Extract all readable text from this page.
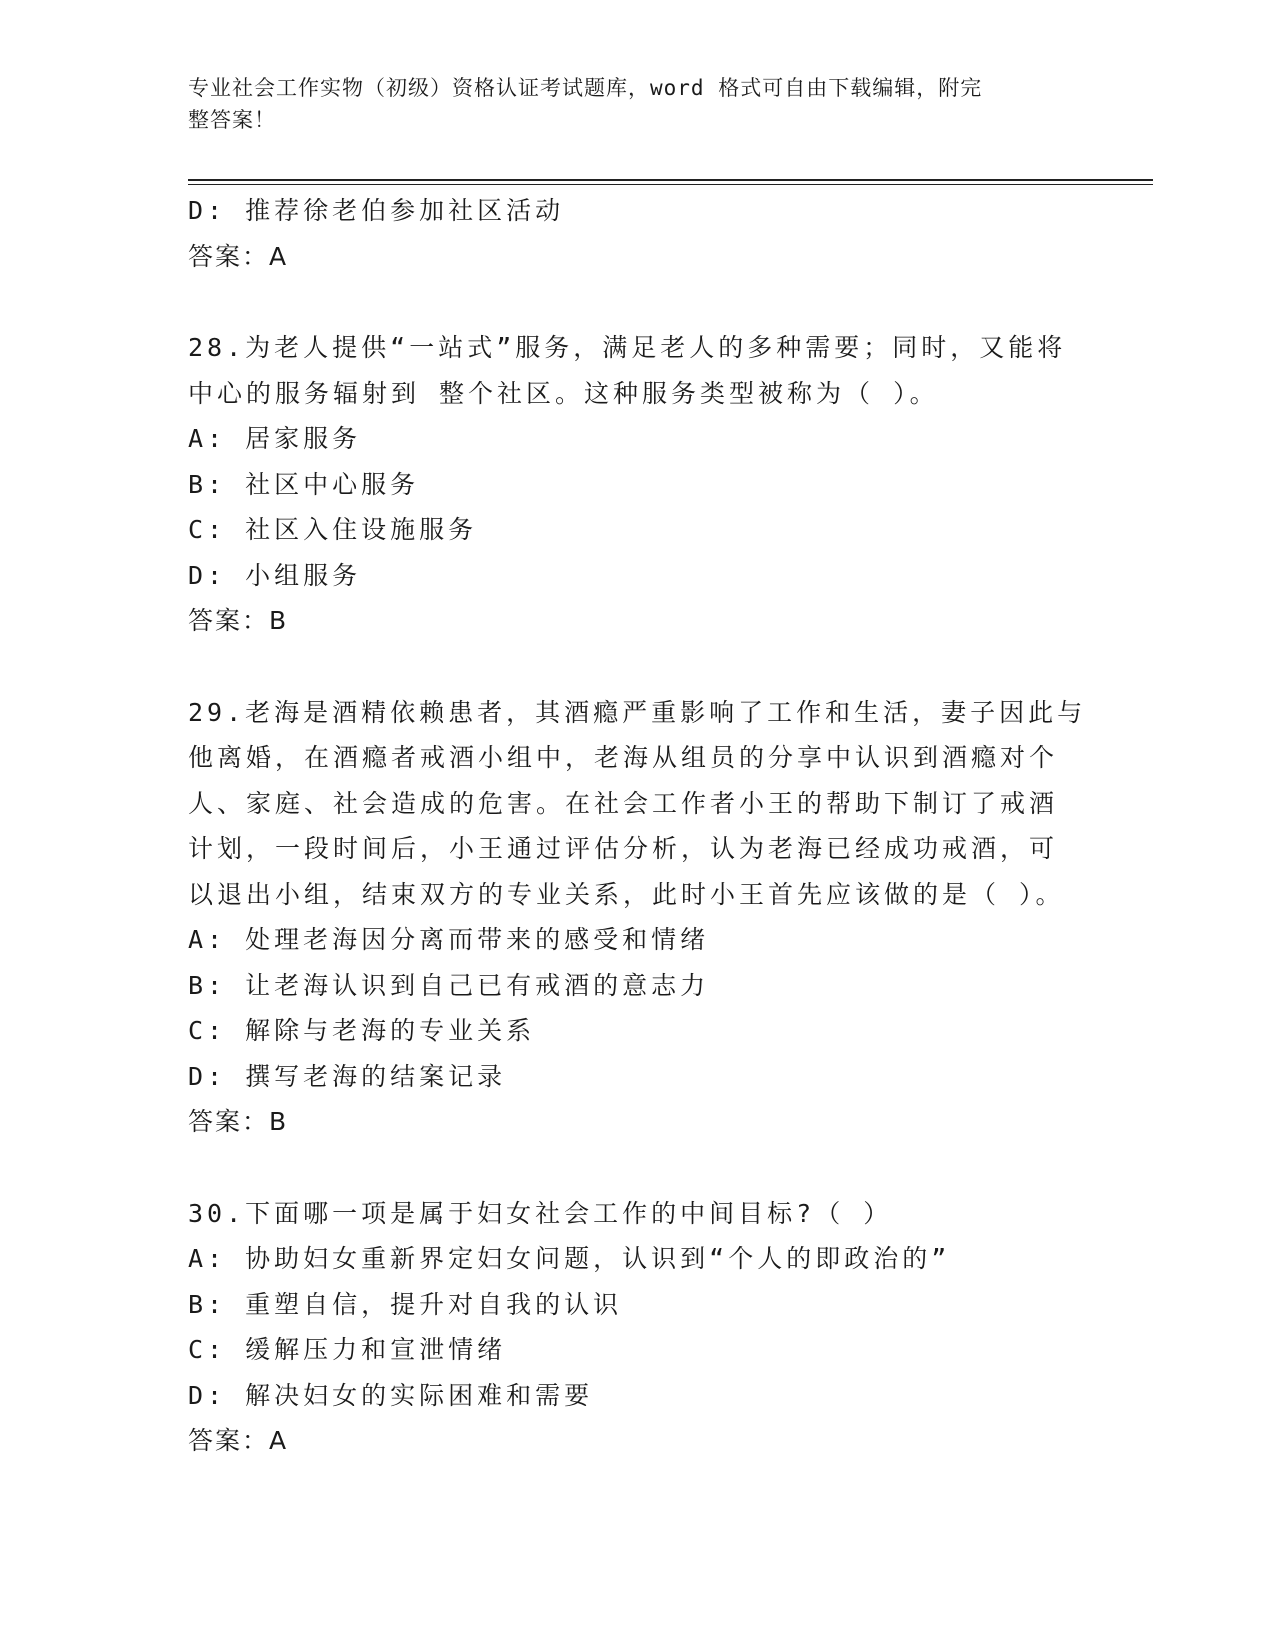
专业社会工作实物（初级）资格认证考试题库，word 格式可自由下载编辑，附完
整答案！
D: 推荐徐老伯参加社区活动
答案：A
28.为老人提供“一站式”服务，满足老人的多种需要；同时，又能将
中心的服务辐射到 整个社区。这种服务类型被称为（ ）。
A: 居家服务
B: 社区中心服务
C: 社区入住设施服务
D: 小组服务
答案：B
29.老海是酒精依赖患者，其酒瘾严重影响了工作和生活，妻子因此与
他离婚，在酒瘾者戒酒小组中，老海从组员的分享中认识到酒瘾对个
人、家庭、社会造成的危害。在社会工作者小王的帮助下制订了戒酒
计划，一段时间后，小王通过评估分析，认为老海已经成功戒酒，可
以退出小组，结束双方的专业关系，此时小王首先应该做的是（ ）。
A: 处理老海因分离而带来的感受和情绪
B: 让老海认识到自己已有戒酒的意志力
C: 解除与老海的专业关系
D: 撰写老海的结案记录
答案：B
30.下面哪一项是属于妇女社会工作的中间目标?（ ）
A: 协助妇女重新界定妇女问题，认识到“个人的即政治的”
B: 重塑自信，提升对自我的认识
C: 缓解压力和宣泄情绪
D: 解决妇女的实际困难和需要
答案：A
